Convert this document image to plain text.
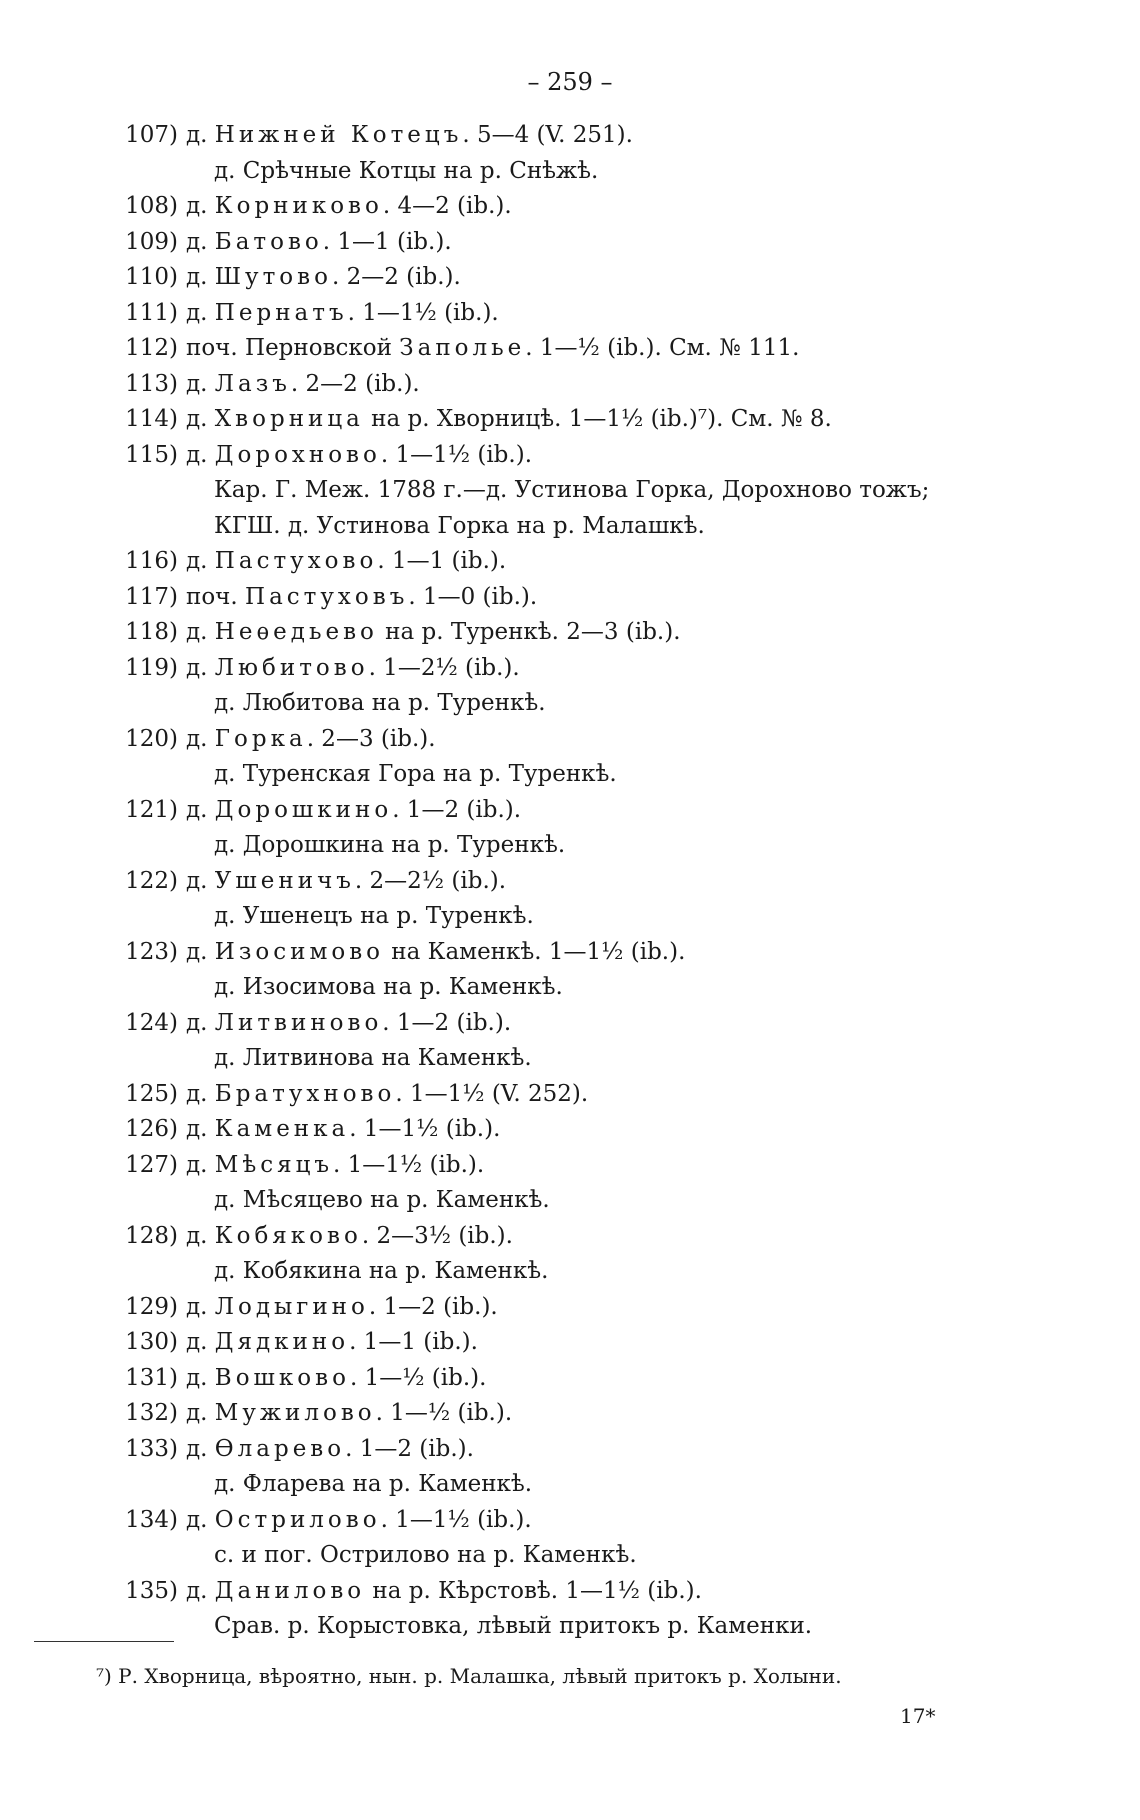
– 259 –
107) д. Нижней Котецъ. 5—4 (V. 251).
д. Срѣчные Котцы на р. Снѣжѣ.
108) д. Корниково. 4—2 (ib.).
109) д. Батово. 1—1 (ib.).
110) д. Шутово. 2—2 (ib.).
111) д. Пернатъ. 1—1½ (ib.).
112) поч. Перновской Заполье. 1—½ (ib.). См. № 111.
113) д. Лазъ. 2—2 (ib.).
114) д. Хворница на р. Хворницѣ. 1—1½ (ib.)⁷). См. № 8.
115) д. Дорохново. 1—1½ (ib.).
Кар. Г. Меж. 1788 г.—д. Устинова Горка, Дорохново тожъ;
КГШ. д. Устинова Горка на р. Малашкѣ.
116) д. Пастухово. 1—1 (ib.).
117) поч. Пастуховъ. 1—0 (ib.).
118) д. Неѳедьево на р. Туренкѣ. 2—3 (ib.).
119) д. Любитово. 1—2½ (ib.).
д. Любитова на р. Туренкѣ.
120) д. Горка. 2—3 (ib.).
д. Туренская Гора на р. Туренкѣ.
121) д. Дорошкино. 1—2 (ib.).
д. Дорошкина на р. Туренкѣ.
122) д. Ушеничъ. 2—2½ (ib.).
д. Ушенецъ на р. Туренкѣ.
123) д. Изосимово на Каменкѣ. 1—1½ (ib.).
д. Изосимова на р. Каменкѣ.
124) д. Литвиново. 1—2 (ib.).
д. Литвинова на Каменкѣ.
125) д. Братухново. 1—1½ (V. 252).
126) д. Каменка. 1—1½ (ib.).
127) д. Мѣсяцъ. 1—1½ (ib.).
д. Мѣсяцево на р. Каменкѣ.
128) д. Кобяково. 2—3½ (ib.).
д. Кобякина на р. Каменкѣ.
129) д. Лодыгино. 1—2 (ib.).
130) д. Дядкино. 1—1 (ib.).
131) д. Вошково. 1—½ (ib.).
132) д. Мужилово. 1—½ (ib.).
133) д. Ѳларево. 1—2 (ib.).
д. Фларева на р. Каменкѣ.
134) д. Острилово. 1—1½ (ib.).
с. и пог. Острилово на р. Каменкѣ.
135) д. Данилово на р. Кѣрстовѣ. 1—1½ (ib.).
Срав. р. Корыстовка, лѣвый притокъ р. Каменки.
⁷) Р. Хворница, вѣроятно, нын. р. Малашка, лѣвый притокъ р. Холыни.
17*
